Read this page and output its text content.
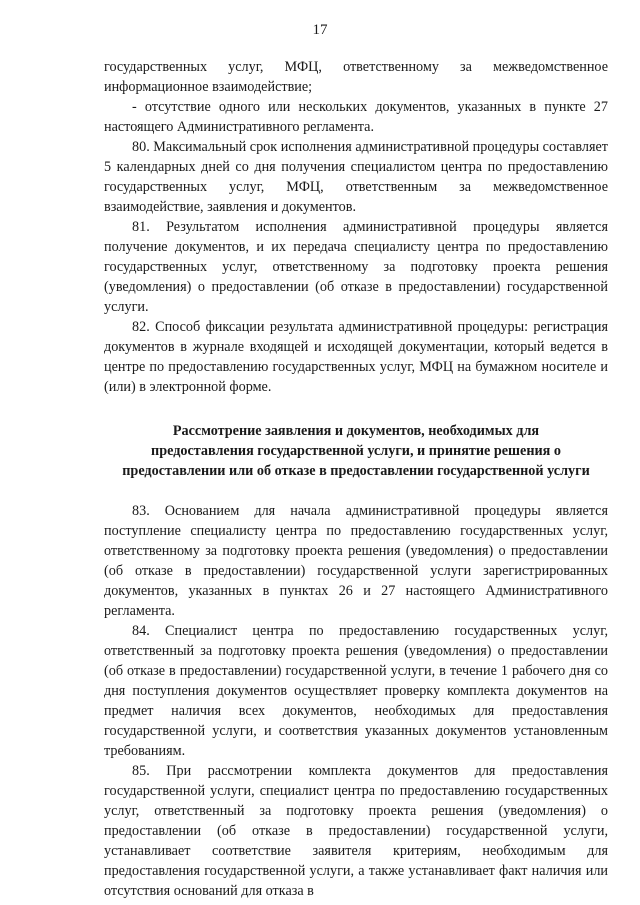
17

государственных услуг, МФЦ, ответственному за межведомственное информационное взаимодействие;

- отсутствие одного или нескольких документов, указанных в пункте 27 настоящего Административного регламента.

80. Максимальный срок исполнения административной процедуры составляет 5 календарных дней со дня получения специалистом центра по предоставлению государственных услуг, МФЦ, ответственным за межведомственное взаимодействие, заявления и документов.

81. Результатом исполнения административной процедуры является получение документов, и их передача специалисту центра по предоставлению государственных услуг, ответственному за подготовку проекта решения (уведомления) о предоставлении (об отказе в предоставлении) государственной услуги.

82. Способ фиксации результата административной процедуры: регистрация документов в журнале входящей и исходящей документации, который ведется в центре по предоставлению государственных услуг, МФЦ на бумажном носителе и (или) в электронной форме.

Рассмотрение заявления и документов, необходимых для
предоставления государственной услуги, и принятие решения о
предоставлении или об отказе в предоставлении государственной услуги

83. Основанием для начала административной процедуры является поступление специалисту центра по предоставлению государственных услуг, ответственному за подготовку проекта решения (уведомления) о предоставлении (об отказе в предоставлении) государственной услуги зарегистрированных документов, указанных в пунктах 26 и 27 настоящего Административного регламента.

84. Специалист центра по предоставлению государственных услуг, ответственный за подготовку проекта решения (уведомления) о предоставлении (об отказе в предоставлении) государственной услуги, в течение 1 рабочего дня со дня поступления документов осуществляет проверку комплекта документов на предмет наличия всех документов, необходимых для предоставления государственной услуги, и соответствия указанных документов установленным требованиям.

85. При рассмотрении комплекта документов для предоставления государственной услуги, специалист центра по предоставлению государственных услуг, ответственный за подготовку проекта решения (уведомления) о предоставлении (об отказе в предоставлении) государственной услуги, устанавливает соответствие заявителя критериям, необходимым для предоставления государственной услуги, а также устанавливает факт наличия или отсутствия оснований для отказа в
